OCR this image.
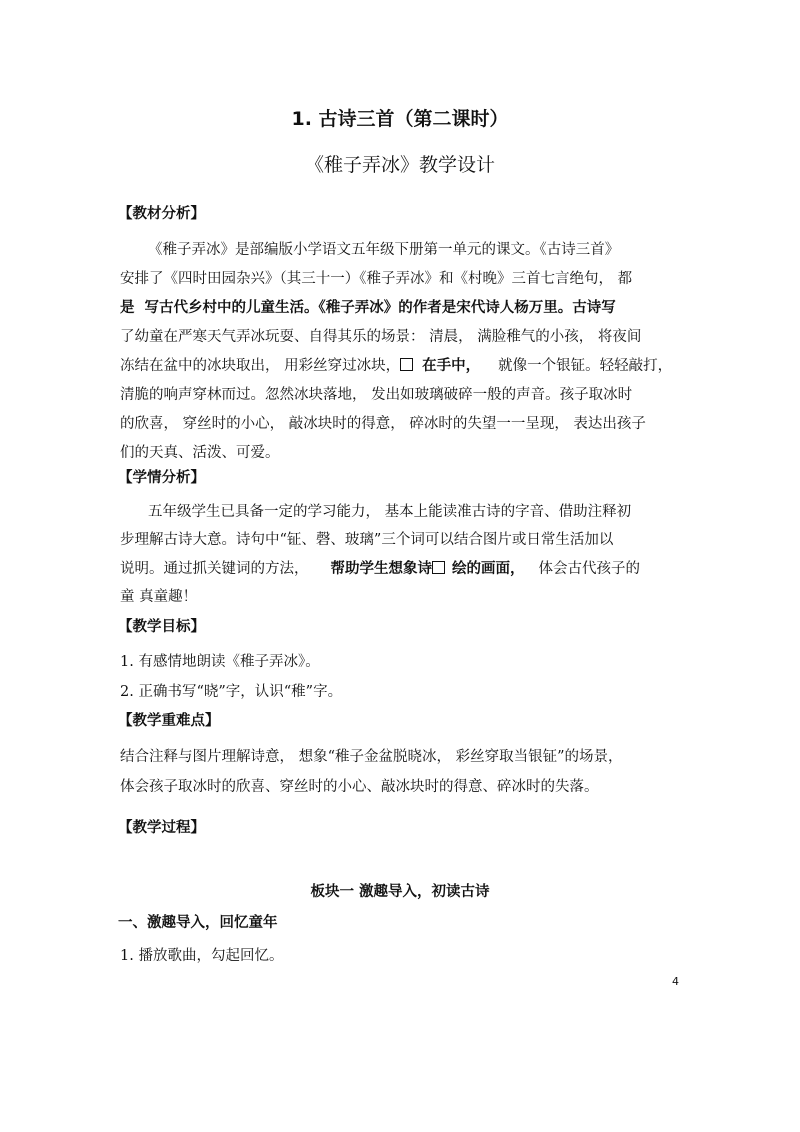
1. 古诗三首（第二课时）
《稚子弄冰》教学设计
【教材分析】
《稚子弄冰》是部编版小学语文五年级下册第一单元的课文。《古诗三首》
安排了《四时田园杂兴》（其三十一）《稚子弄冰》和《村晚》三首七言绝句， 都
是 写古代乡村中的儿童生活。《稚子弄冰》的作者是宋代诗人杨万里。古诗写
了幼童在严寒天气弄冰玩耍、自得其乐的场景： 清晨， 满脸稚气的小孩， 将夜间
冻结在盆中的冰块取出， 用彩丝穿过冰块， 在手中， 就像一个银钲。轻轻敲打，
清脆的响声穿林而过。忽然冰块落地， 发出如玻璃破碎一般的声音。孩子取冰时
的欣喜， 穿丝时的小心， 敲冰块时的得意， 碎冰时的失望一一呈现， 表达出孩子
们的天真、活泼、可爱。
【学情分析】
五年级学生已具备一定的学习能力， 基本上能读准古诗的字音、借助注释初
步理解古诗大意。诗句中“钲、磬、玻璃”三个词可以结合图片或日常生活加以
说明。通过抓关键词的方法， 帮助学生想象诗 绘的画面， 体会古代孩子的
童 真童趣！
【教学目标】
1. 有感情地朗读《稚子弄冰》。
2. 正确书写“晓”字，认识“稚”字。
【教学重难点】
结合注释与图片理解诗意， 想象“稚子金盆脱晓冰， 彩丝穿取当银钲”的场景，
体会孩子取冰时的欣喜、穿丝时的小心、敲冰块时的得意、碎冰时的失落。
【教学过程】
板块一 激趣导入，初读古诗
一、激趣导入，回忆童年
1. 播放歌曲，勾起回忆。
4
